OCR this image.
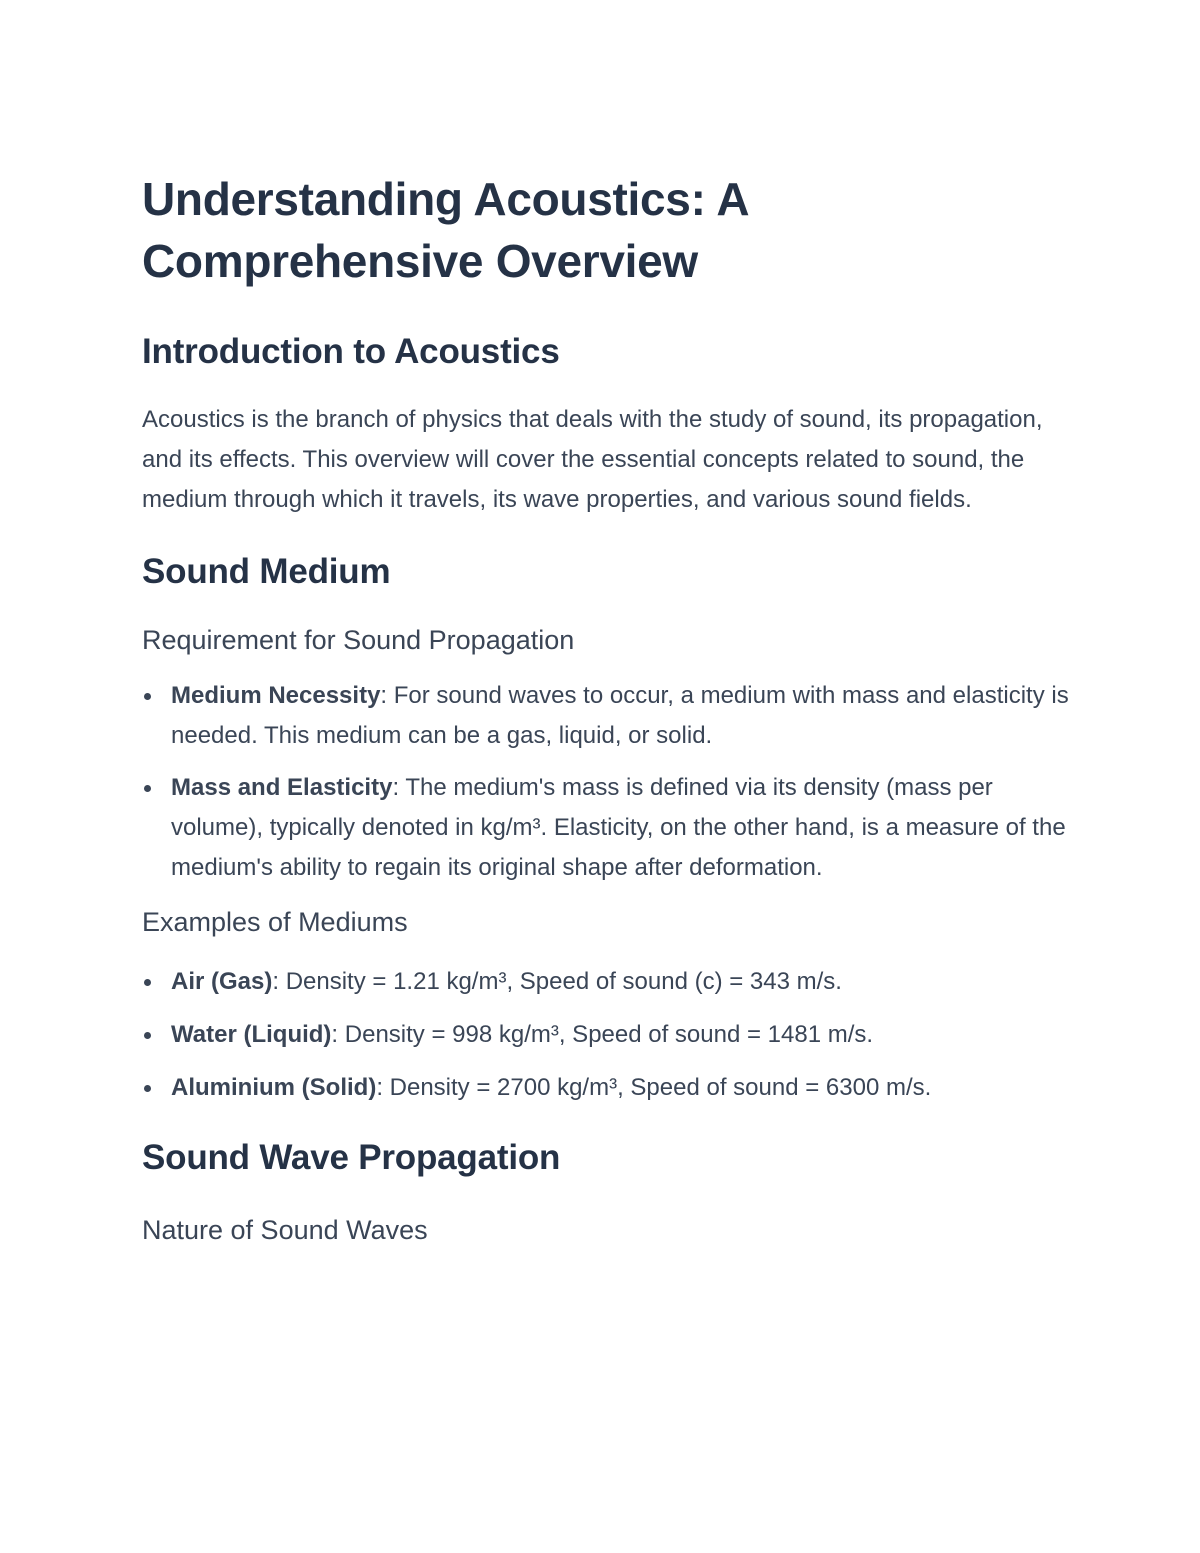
Understanding Acoustics: A Comprehensive Overview
Introduction to Acoustics

Acoustics is the branch of physics that deals with the study of sound, its propagation, and its effects. This overview will cover the essential concepts related to sound, the medium through which it travels, its wave properties, and various sound fields.

Sound Medium
Requirement for Sound Propagation
Medium Necessity: For sound waves to occur, a medium with mass and elasticity is needed. This medium can be a gas, liquid, or solid.
Mass and Elasticity: The medium's mass is defined via its density (mass per volume), typically denoted in kg/m³. Elasticity, on the other hand, is a measure of the medium's ability to regain its original shape after deformation.
Examples of Mediums
Air (Gas): Density = 1.21 kg/m³, Speed of sound (c) = 343 m/s.
Water (Liquid): Density = 998 kg/m³, Speed of sound = 1481 m/s.
Aluminium (Solid): Density = 2700 kg/m³, Speed of sound = 6300 m/s.
Sound Wave Propagation
Nature of Sound Waves
